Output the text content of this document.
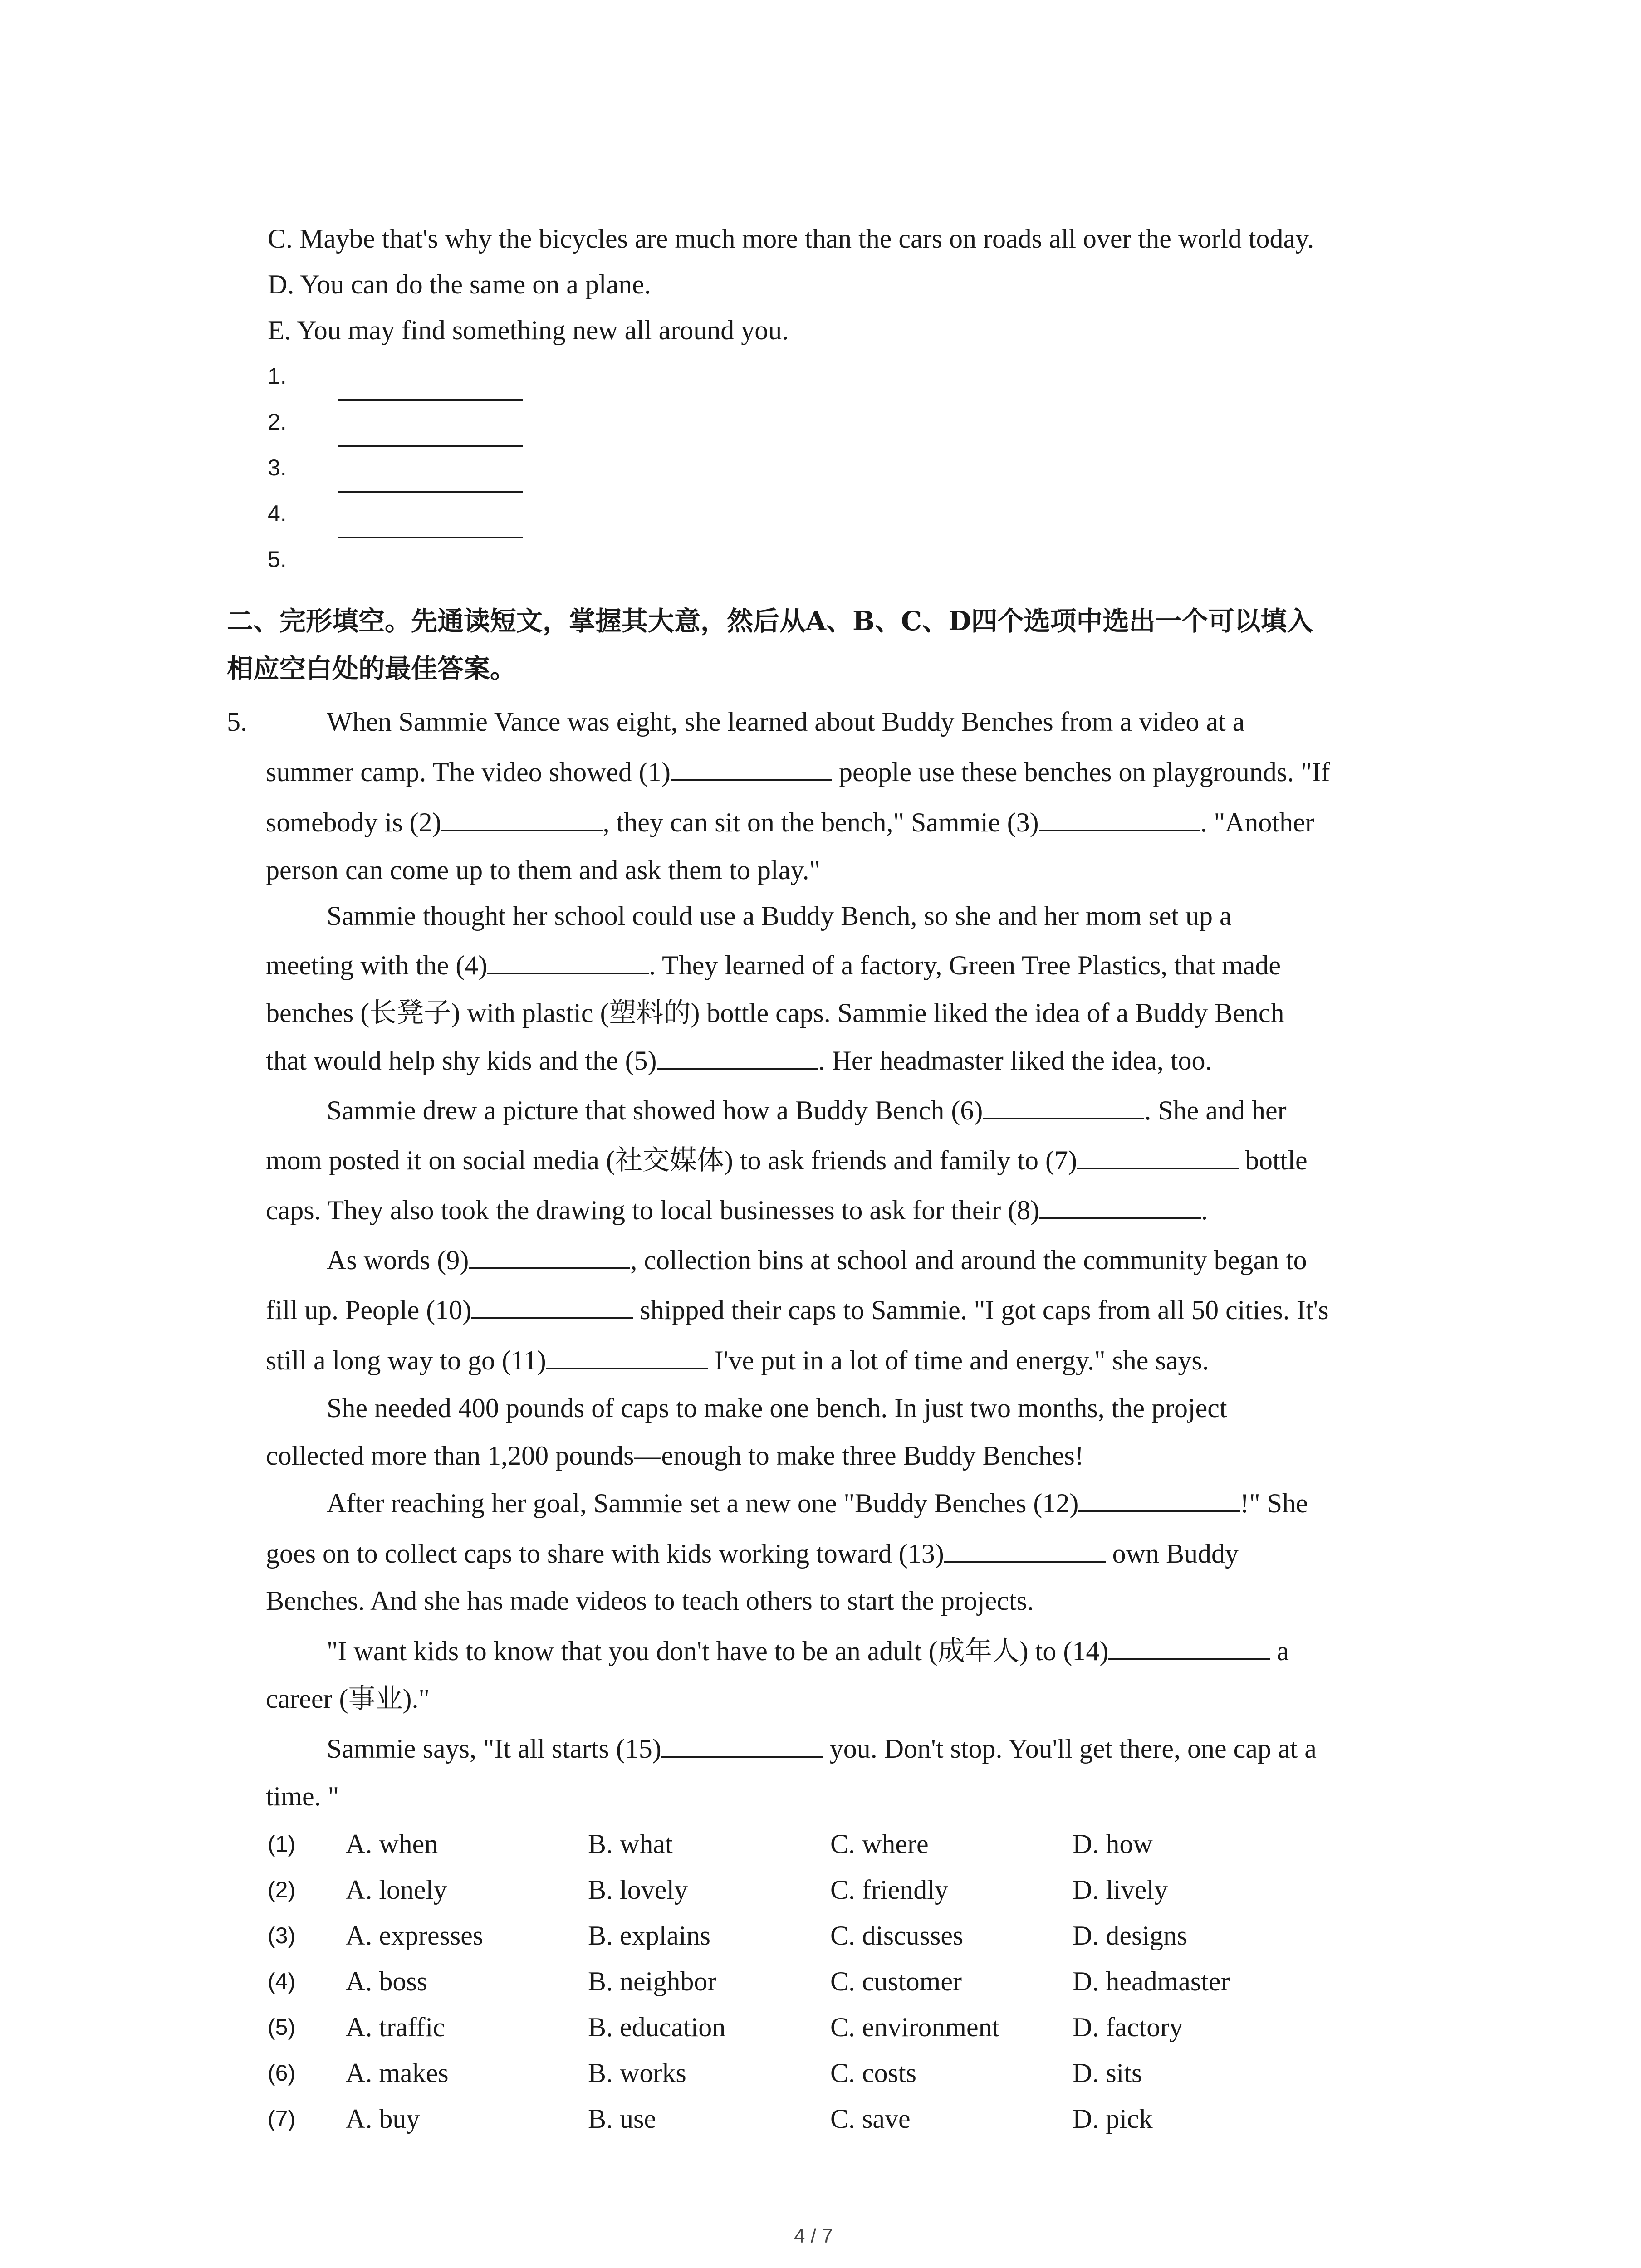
C. Maybe that's why the bicycles are much more than the cars on roads all over the world today.
D. You can do the same on a plane.
E. You may find something new all around you.
1.
2.
3.
4.
5.
二、完形填空。先通读短文，掌握其大意，然后从A、B、C、D四个选项中选出一个可以填入
相应空白处的最佳答案。
5.	When Sammie Vance was eight, she learned about Buddy Benches from a video at a
summer camp. The video showed (1)	people use these benches on playgrounds. "If
somebody is (2)	, they can sit on the bench," Sammie (3)	. "Another
person can come up to them and ask them to play."
Sammie thought her school could use a Buddy Bench, so she and her mom set up a
meeting with the (4)	. They learned of a factory, Green Tree Plastics, that made
benches (长凳子) with plastic (塑料的) bottle caps. Sammie liked the idea of a Buddy Bench
that would help shy kids and the (5)	. Her headmaster liked the idea, too.
Sammie drew a picture that showed how a Buddy Bench (6)	. She and her
mom posted it on social media (社交媒体) to ask friends and family to (7)	bottle
caps. They also took the drawing to local businesses to ask for their (8)	.
As words (9)	, collection bins at school and around the community began to
fill up. People (10)	shipped their caps to Sammie. "I got caps from all 50 cities. It's
still a long way to go (11)	I've put in a lot of time and energy." she says.
She needed 400 pounds of caps to make one bench. In just two months, the project
collected more than 1,200 pounds—enough to make three Buddy Benches!
After reaching her goal, Sammie set a new one "Buddy Benches (12)	!" She
goes on to collect caps to share with kids working toward (13)	own Buddy
Benches. And she has made videos to teach others to start the projects.
"I want kids to know that you don't have to be an adult (成年人) to (14)	a
career (事业)."
Sammie says, "It all starts (15)	you. Don't stop. You'll get there, one cap at a
time. "
(1) A. when	B. what	C. where	D. how
(2) A. lonely	B. lovely	C. friendly	D. lively
(3) A. expresses	B. explains	C. discusses	D. designs
(4) A. boss	B. neighbor	C. customer	D. headmaster
(5) A. traffic	B. education	C. environment	D. factory
(6) A. makes	B. works	C. costs	D. sits
(7) A. buy	B. use	C. save	D. pick
4 / 7
